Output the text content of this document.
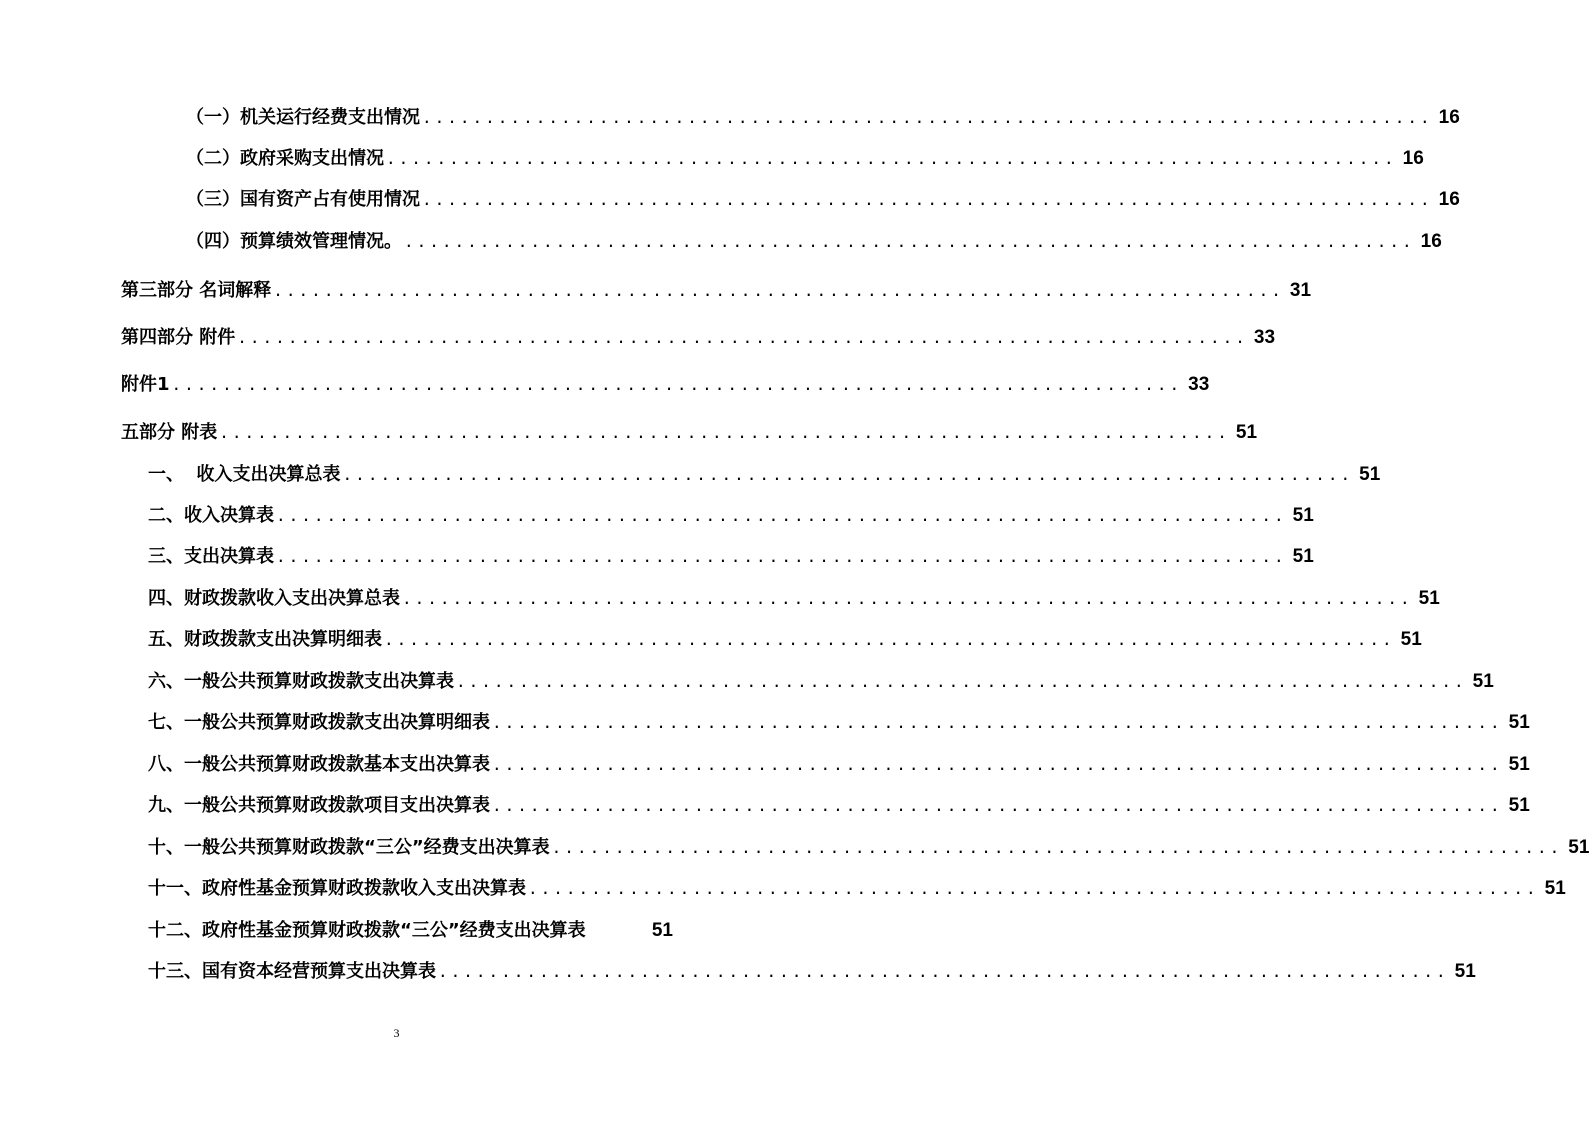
（一）机关运行经费支出情况 ................................................................................ 16
（二）政府采购支出情况 ................................................................................ 16
（三）国有资产占有使用情况 ................................................................................ 16
（四）预算绩效管理情况。 ................................................................................ 16
第三部分 名词解释 ................................................................................ 31
第四部分 附件 ................................................................................ 33
附件1 ................................................................................ 33
五部分 附表 ................................................................................ 51
一、  收入支出决算总表 ................................................................................ 51
二、收入决算表 ................................................................................ 51
三、支出决算表 ................................................................................ 51
四、财政拨款收入支出决算总表 ................................................................................ 51
五、财政拨款支出决算明细表 ................................................................................ 51
六、一般公共预算财政拨款支出决算表 ................................................................................ 51
七、一般公共预算财政拨款支出决算明细表 ................................................................................ 51
八、一般公共预算财政拨款基本支出决算表 ................................................................................ 51
九、一般公共预算财政拨款项目支出决算表 ................................................................................ 51
十、一般公共预算财政拨款“三公”经费支出决算表 ................................................................................ 51
十一、政府性基金预算财政拨款收入支出决算表 ................................................................................ 51
十二、政府性基金预算财政拨款“三公”经费支出决算表	51
十三、国有资本经营预算支出决算表 ................................................................................ 51
3
